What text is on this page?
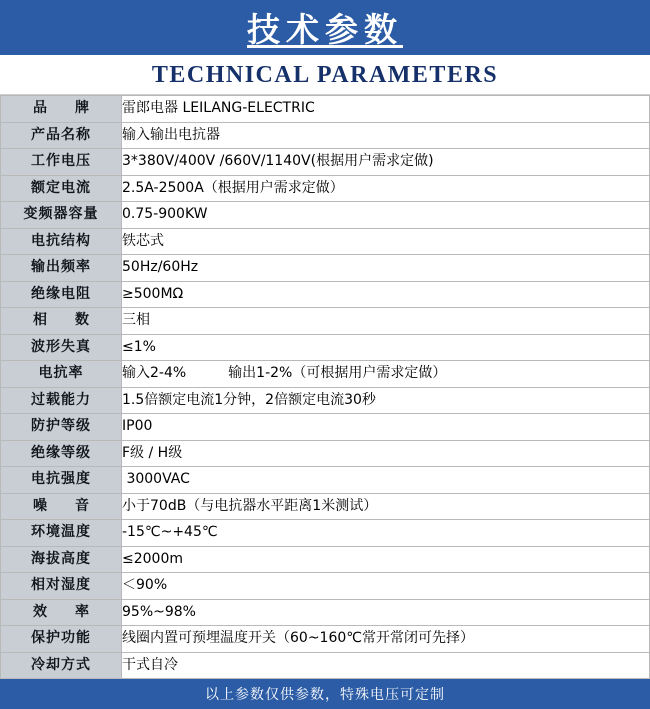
技术参数
TECHNICAL PARAMETERS
品　牌	雷郎电器 LEILANG-ELECTRIC
产品名称	输入输出电抗器
工作电压	3*380V/400V /660V/1140V(根据用户需求定做)
额定电流	2.5A-2500A（根据用户需求定做）
变频器容量	0.75-900KW
电抗结构	铁芯式
输出频率	50Hz/60Hz
绝缘电阻	≥500MΩ
相　数	三相
波形失真	≤1%
电抗率	输入2-4%　　　输出1-2%（可根据用户需求定做）
过载能力	1.5倍额定电流1分钟，2倍额定电流30秒
防护等级	IP00
绝缘等级	F级 / H级
电抗强度	3000VAC
噪　音	小于70dB（与电抗器水平距离1米测试）
环境温度	-15℃~+45℃
海拔高度	≤2000m
相对湿度	＜90%
效　率	95%~98%
保护功能	线圈内置可预埋温度开关（60~160℃常开常闭可先择）
冷却方式	干式自冷
以上参数仅供参数，特殊电压可定制
